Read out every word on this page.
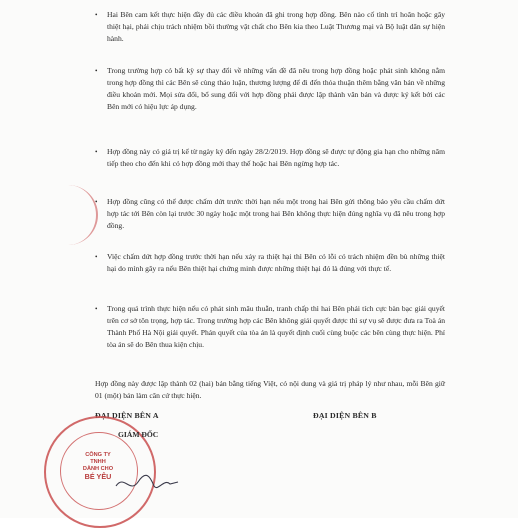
• Hai Bên cam kết thực hiện đầy đủ các điều khoản đã ghi trong hợp đồng. Bên nào cố tình trì hoãn hoặc gây thiệt hại, phải chịu trách nhiệm bồi thường vật chất cho Bên kia theo Luật Thương mại và Bộ luật dân sự hiện hành.
• Trong trường hợp có bất kỳ sự thay đổi về những vấn đề đã nêu trong hợp đồng hoặc phát sinh không nằm trong hợp đồng thì các Bên sẽ cùng thảo luận, thương lượng để đi đến thỏa thuận thêm bằng văn bản về những điều khoản mới. Mọi sửa đổi, bổ sung đối với hợp đồng phải được lập thành văn bản và được ký kết bởi các Bên mới có hiệu lực áp dụng.
• Hợp đồng này có giá trị kể từ ngày ký đến ngày 28/2/2019. Hợp đồng sẽ được tự động gia hạn cho những năm tiếp theo cho đến khi có hợp đồng mới thay thế hoặc hai Bên ngừng hợp tác.
• Hợp đồng cũng có thể được chấm dứt trước thời hạn nếu một trong hai Bên gửi thông báo yêu cầu chấm dứt hợp tác tới Bên còn lại trước 30 ngày hoặc một trong hai Bên không thực hiện đúng nghĩa vụ đã nêu trong hợp đồng.
• Việc chấm dứt hợp đồng trước thời hạn nếu xảy ra thiệt hại thì Bên có lỗi có trách nhiệm đền bù những thiệt hại do mình gây ra nếu Bên thiệt hại chứng minh được những thiệt hại đó là đúng với thực tế.
• Trong quá trình thực hiện nếu có phát sinh mâu thuẫn, tranh chấp thì hai Bên phải tích cực bàn bạc giải quyết trên cơ sở tôn trọng, hợp tác. Trong trường hợp các Bên không giải quyết được thì sự vụ sẽ được đưa ra Toà án Thành Phố Hà Nội giải quyết. Phán quyết của tòa án là quyết định cuối cùng buộc các bên cùng thực hiện. Phí tòa án sẽ do Bên thua kiện chịu.
Hợp đồng này được lập thành 02 (hai) bản bằng tiếng Việt, có nội dung và giá trị pháp lý như nhau, mỗi Bên giữ 01 (một) bản làm căn cứ thực hiện.
ĐẠI DIỆN BÊN A	ĐẠI DIỆN BÊN B
CÔNG TY
TNHH
DÀNH CHO
BÉ YÊU
GIÁM ĐỐC
